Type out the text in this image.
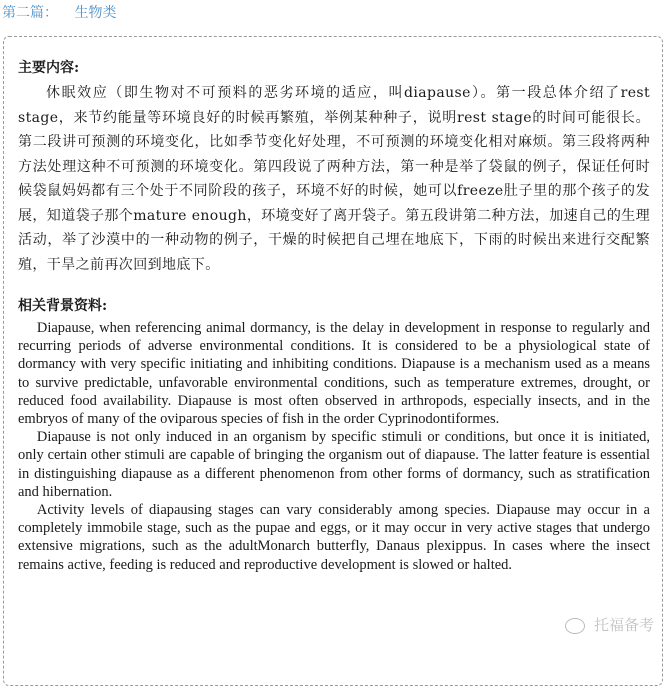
第二篇： 生物类
主要内容:

休眠效应（即生物对不可预料的恶劣环境的适应，叫diapause）。第一段总体介绍了rest stage，来节约能量等环境良好的时候再繁殖，举例某种种子，说明rest stage的时间可能很长。第二段讲可预测的环境变化，比如季节变化好处理，不可预测的环境变化相对麻烦。第三段将两种方法处理这种不可预测的环境变化。第四段说了两种方法，第一种是举了袋鼠的例子，保证任何时候袋鼠妈妈都有三个处于不同阶段的孩子，环境不好的时候，她可以freeze肚子里的那个孩子的发展，知道袋子那个mature enough，环境变好了离开袋子。第五段讲第二种方法，加速自己的生理活动，举了沙漠中的一种动物的例子，干燥的时候把自己埋在地底下，下雨的时候出来进行交配繁殖，干旱之前再次回到地底下。

相关背景资料:

Diapause, when referencing animal dormancy, is the delay in development in response to regularly and recurring periods of adverse environmental conditions. It is considered to be a physiological state of dormancy with very specific initiating and inhibiting conditions. Diapause is a mechanism used as a means to survive predictable, unfavorable environmental conditions, such as temperature extremes, drought, or reduced food availability. Diapause is most often observed in arthropods, especially insects, and in the embryos of many of the oviparous species of fish in the order Cyprinodontiformes.

Diapause is not only induced in an organism by specific stimuli or conditions, but once it is initiated, only certain other stimuli are capable of bringing the organism out of diapause. The latter feature is essential in distinguishing diapause as a different phenomenon from other forms of dormancy, such as stratification and hibernation.

Activity levels of diapausing stages can vary considerably among species. Diapause may occur in a completely immobile stage, such as the pupae and eggs, or it may occur in very active stages that undergo extensive migrations, such as the adultMonarch butterfly, Danaus plexippus. In cases where the insect remains active, feeding is reduced and reproductive development is slowed or halted.

托福备考
